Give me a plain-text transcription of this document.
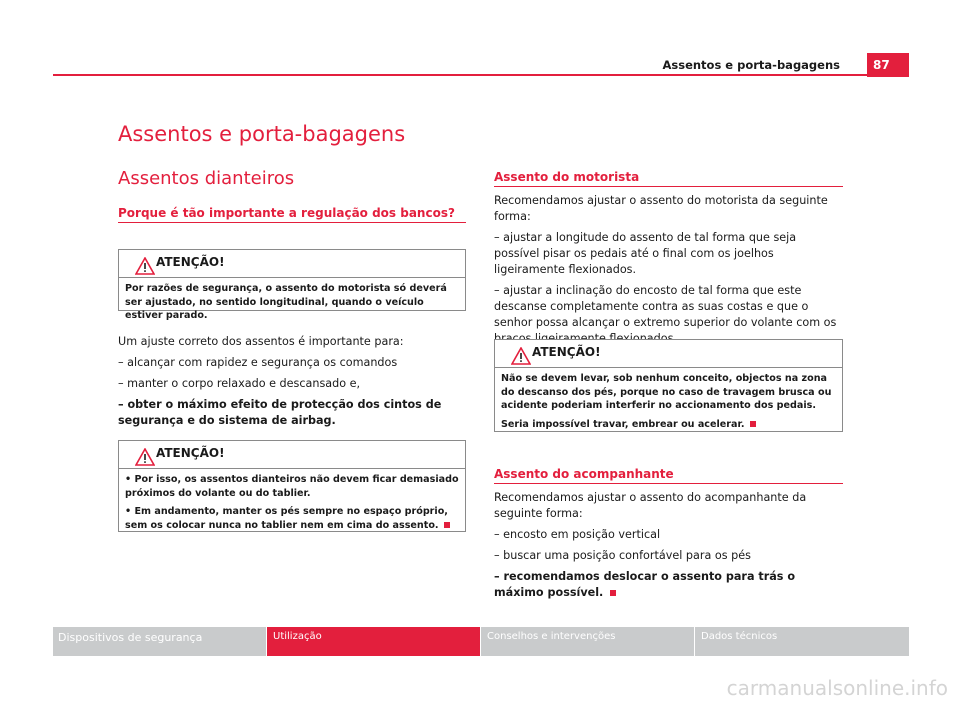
Assentos e porta-bagagens	87
Assentos e porta-bagagens
Assentos dianteiros
Porque é tão importante a regulação dos bancos?
ATENÇÃO!

Por razões de segurança, o assento do motorista só deverá ser ajustado, no sentido longitudinal, quando o veículo estiver parado.

Um ajuste correto dos assentos é importante para:

– alcançar com rapidez e segurança os comandos

– manter o corpo relaxado e descansado e,

– obter o máximo efeito de protecção dos cintos de segurança e do sistema de airbag.

ATENÇÃO!

• Por isso, os assentos dianteiros não devem ficar demasiado próximos do volante ou do tablier.

• Em andamento, manter os pés sempre no espaço próprio, sem os colocar nunca no tablier nem em cima do assento.

Assento do motorista

Recomendamos ajustar o assento do motorista da seguinte forma:

– ajustar a longitude do assento de tal forma que seja possível pisar os pedais até o final com os joelhos ligeiramente flexionados.

– ajustar a inclinação do encosto de tal forma que este descanse completamente contra as suas costas e que o senhor possa alcançar o extremo superior do volante com os

ATENÇÃO!

Não se devem levar, sob nenhum conceito, objectos na zona do descanso dos pés, porque no caso de travagem brusca ou acidente poderiam interferir no accionamento dos pedais.

Seria impossível travar, embrear ou acelerar.

Assento do acompanhante

Recomendamos ajustar o assento do acompanhante da seguinte forma:

– encosto em posição vertical

– buscar uma posição confortável para os pés

– recomendamos deslocar o assento para trás o máximo possível.

Dispositivos de segurança	Utilização	Conselhos e intervenções	Dados técnicos
carmanualsonline.info
